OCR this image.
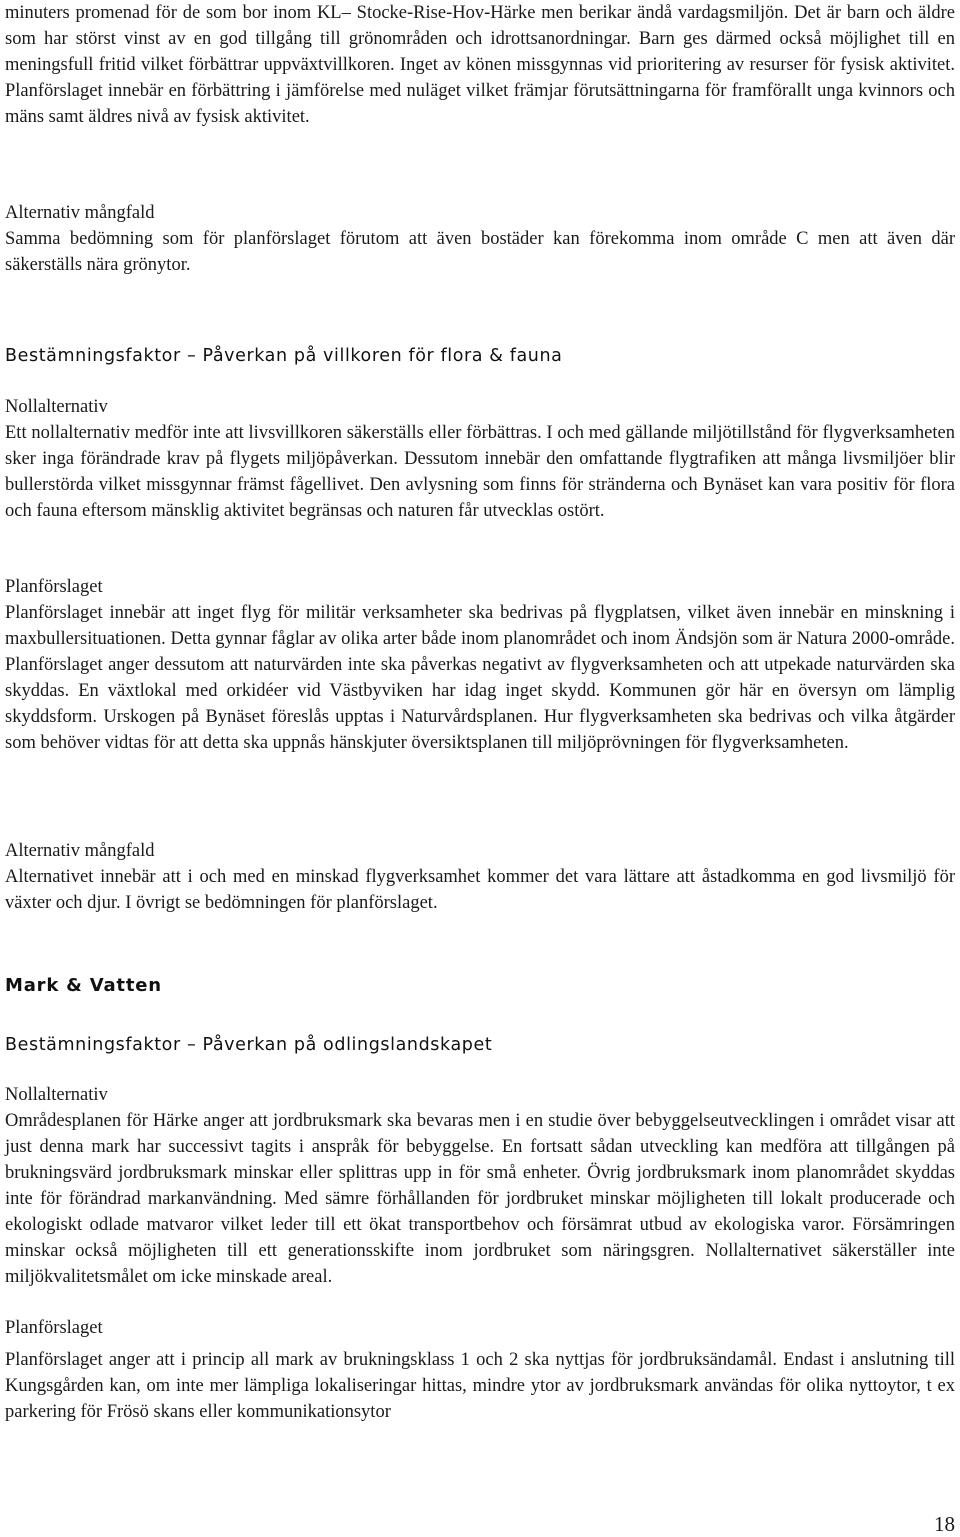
minuters promenad för de som bor inom KL– Stocke-Rise-Hov-Härke men berikar ändå vardagsmiljön. Det är barn och äldre som har störst vinst av en god tillgång till grönområden och idrottsanordningar. Barn ges därmed också möjlighet till en meningsfull fritid vilket förbättrar uppväxtvillkoren. Inget av könen missgynnas vid prioritering av resurser för fysisk aktivitet. Planförslaget innebär en förbättring i jämförelse med nuläget vilket främjar förutsättningarna för framförallt unga kvinnors och mäns samt äldres nivå av fysisk aktivitet.

Alternativ mångfald

Samma bedömning som för planförslaget förutom att även bostäder kan förekomma inom område C men att även där säkerställs nära grönytor.

Bestämningsfaktor – Påverkan på villkoren för flora & fauna

Nollalternativ

Ett nollalternativ medför inte att livsvillkoren säkerställs eller förbättras. I och med gällande miljötillstånd för flygverksamheten sker inga förändrade krav på flygets miljöpåverkan. Dessutom innebär den omfattande flygtrafiken att många livsmiljöer blir bullerstörda vilket missgynnar främst fågellivet. Den avlysning som finns för stränderna och Bynäset kan vara positiv för flora och fauna eftersom mänsklig aktivitet begränsas och naturen får utvecklas ostört.

Planförslaget

Planförslaget innebär att inget flyg för militär verksamheter ska bedrivas på flygplatsen, vilket även innebär en minskning i maxbullersituationen. Detta gynnar fåglar av olika arter både inom planområdet och inom Ändsjön som är Natura 2000-område. Planförslaget anger dessutom att naturvärden inte ska påverkas negativt av flygverksamheten och att utpekade naturvärden ska skyddas. En växtlokal med orkidéer vid Västbyviken har idag inget skydd. Kommunen gör här en översyn om lämplig skyddsform. Urskogen på Bynäset föreslås upptas i Naturvårdsplanen. Hur flygverksamheten ska bedrivas och vilka åtgärder som behöver vidtas för att detta ska uppnås hänskjuter översiktsplanen till miljöprövningen för flygverksamheten.

Alternativ mångfald

Alternativet innebär att i och med en minskad flygverksamhet kommer det vara lättare att åstadkomma en god livsmiljö för växter och djur. I övrigt se bedömningen för planförslaget.

Mark & Vatten

Bestämningsfaktor – Påverkan på odlingslandskapet

Nollalternativ

Områdesplanen för Härke anger att jordbruksmark ska bevaras men i en studie över bebyggelseutvecklingen i området visar att just denna mark har successivt tagits i anspråk för bebyggelse. En fortsatt sådan utveckling kan medföra att tillgången på brukningsvärd jordbruksmark minskar eller splittras upp in för små enheter. Övrig jordbruksmark inom planområdet skyddas inte för förändrad markanvändning. Med sämre förhållanden för jordbruket minskar möjligheten till lokalt producerade och ekologiskt odlade matvaror vilket leder till ett ökat transportbehov och försämrat utbud av ekologiska varor. Försämringen minskar också möjligheten till ett generationsskifte inom jordbruket som näringsgren. Nollalternativet säkerställer inte miljökvalitetsmålet om icke minskade areal.

Planförslaget

Planförslaget anger att i princip all mark av brukningsklass 1 och 2 ska nyttjas för jordbruksändamål. Endast i anslutning till Kungsgården kan, om inte mer lämpliga lokaliseringar hittas, mindre ytor av jordbruksmark användas för olika nyttoytor, t ex parkering för Frösö skans eller kommunikationsytor

18
